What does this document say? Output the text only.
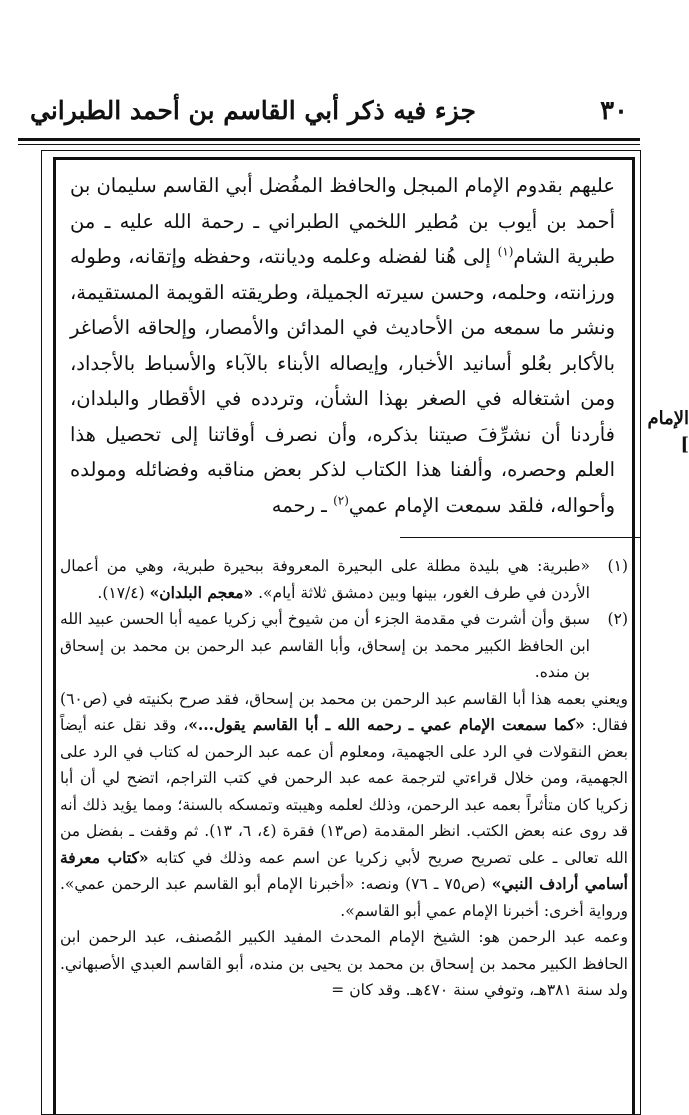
٣٠
جزء فيه ذكر أبي القاسم بن أحمد الطبراني

عليهم بقدوم الإمام المبجل والحافظ المفُضل أبي القاسم سليمان بن أحمد بن أيوب بن مُطير اللخمي الطبراني ـ رحمة الله عليه ـ من طبرية الشام$^{(١)}$ إلى هُنا لفضله وعلمه وديانته، وحفظه وإتقانه، وطوله ورزانته، وحلمه، وحسن سيرته الجميلة، وطريقته القويمة المستقيمة، ونشر ما سمعه من الأحاديث في المدائن والأمصار، وإلحاقه الأصاغر بالأكابر بعُلو أسانيد الأخبار، وإيصاله الأبناء بالآباء والأسباط بالأجداد، ومن اشتغاله في الصغر بهذا الشأن، وتردده في الأقطار والبلدان، فأردنا أن نشرِّفَ صيتنا بذكره، وأن نصرف أوقاتنا إلى تحصيل هذا العلم وحصره، وألفنا هذا الكتاب لذكر بعض مناقبه وفضائله ومولده وأحواله، فلقد سمعت الإمام عمي$^{(٢)}$ ـ رحمه

الإمام
]
(١)

«طبرية: هي بليدة مطلة على البحيرة المعروفة ببحيرة طبرية، وهي من أعمال الأردن في طرف الغور، بينها وبين دمشق ثلاثة أيام». «معجم البلدان» (١٧/٤).

(٢)

سبق وأن أشرت في مقدمة الجزء أن من شيوخ أبي زكريا عميه أبا الحسن عبيد الله ابن الحافظ الكبير محمد بن إسحاق، وأبا القاسم عبد الرحمن بن محمد بن إسحاق بن منده.

ويعني بعمه هذا أبا القاسم عبد الرحمن بن محمد بن إسحاق، فقد صرح بكنيته في (ص٦٠) فقال: «كما سمعت الإمام عمي ـ رحمه الله ـ أبا القاسم يقول...»، وقد نقل عنه أيضاً بعض النقولات في الرد على الجهمية، ومعلوم أن عمه عبد الرحمن له كتاب في الرد على الجهمية، ومن خلال قراءتي لترجمة عمه عبد الرحمن في كتب التراجم، اتضح لي أن أبا زكريا كان متأثراً بعمه عبد الرحمن، وذلك لعلمه وهيبته وتمسكه بالسنة؛ ومما يؤيد ذلك أنه قد روى عنه بعض الكتب. انظر المقدمة (ص١٣) فقرة (٤، ٦، ١٣). ثم وقفت ـ بفضل من الله تعالى ـ على تصريح صريح لأبي زكريا عن اسم عمه وذلك في كتابه «كتاب معرفة أسامي أرادف النبي» (ص٧٥ ـ ٧٦) ونصه: «أخبرنا الإمام أبو القاسم عبد الرحمن عمي». ورواية أخرى: أخبرنا الإمام عمي أبو القاسم».

وعمه عبد الرحمن هو: الشيخ الإمام المحدث المفيد الكبير المُصنف، عبد الرحمن ابن الحافظ الكبير محمد بن إسحاق بن محمد بن يحيى بن منده، أبو القاسم العبدي الأصبهاني. ولد سنة ٣٨١هـ، وتوفي سنة ٤٧٠هـ. وقد كان =
